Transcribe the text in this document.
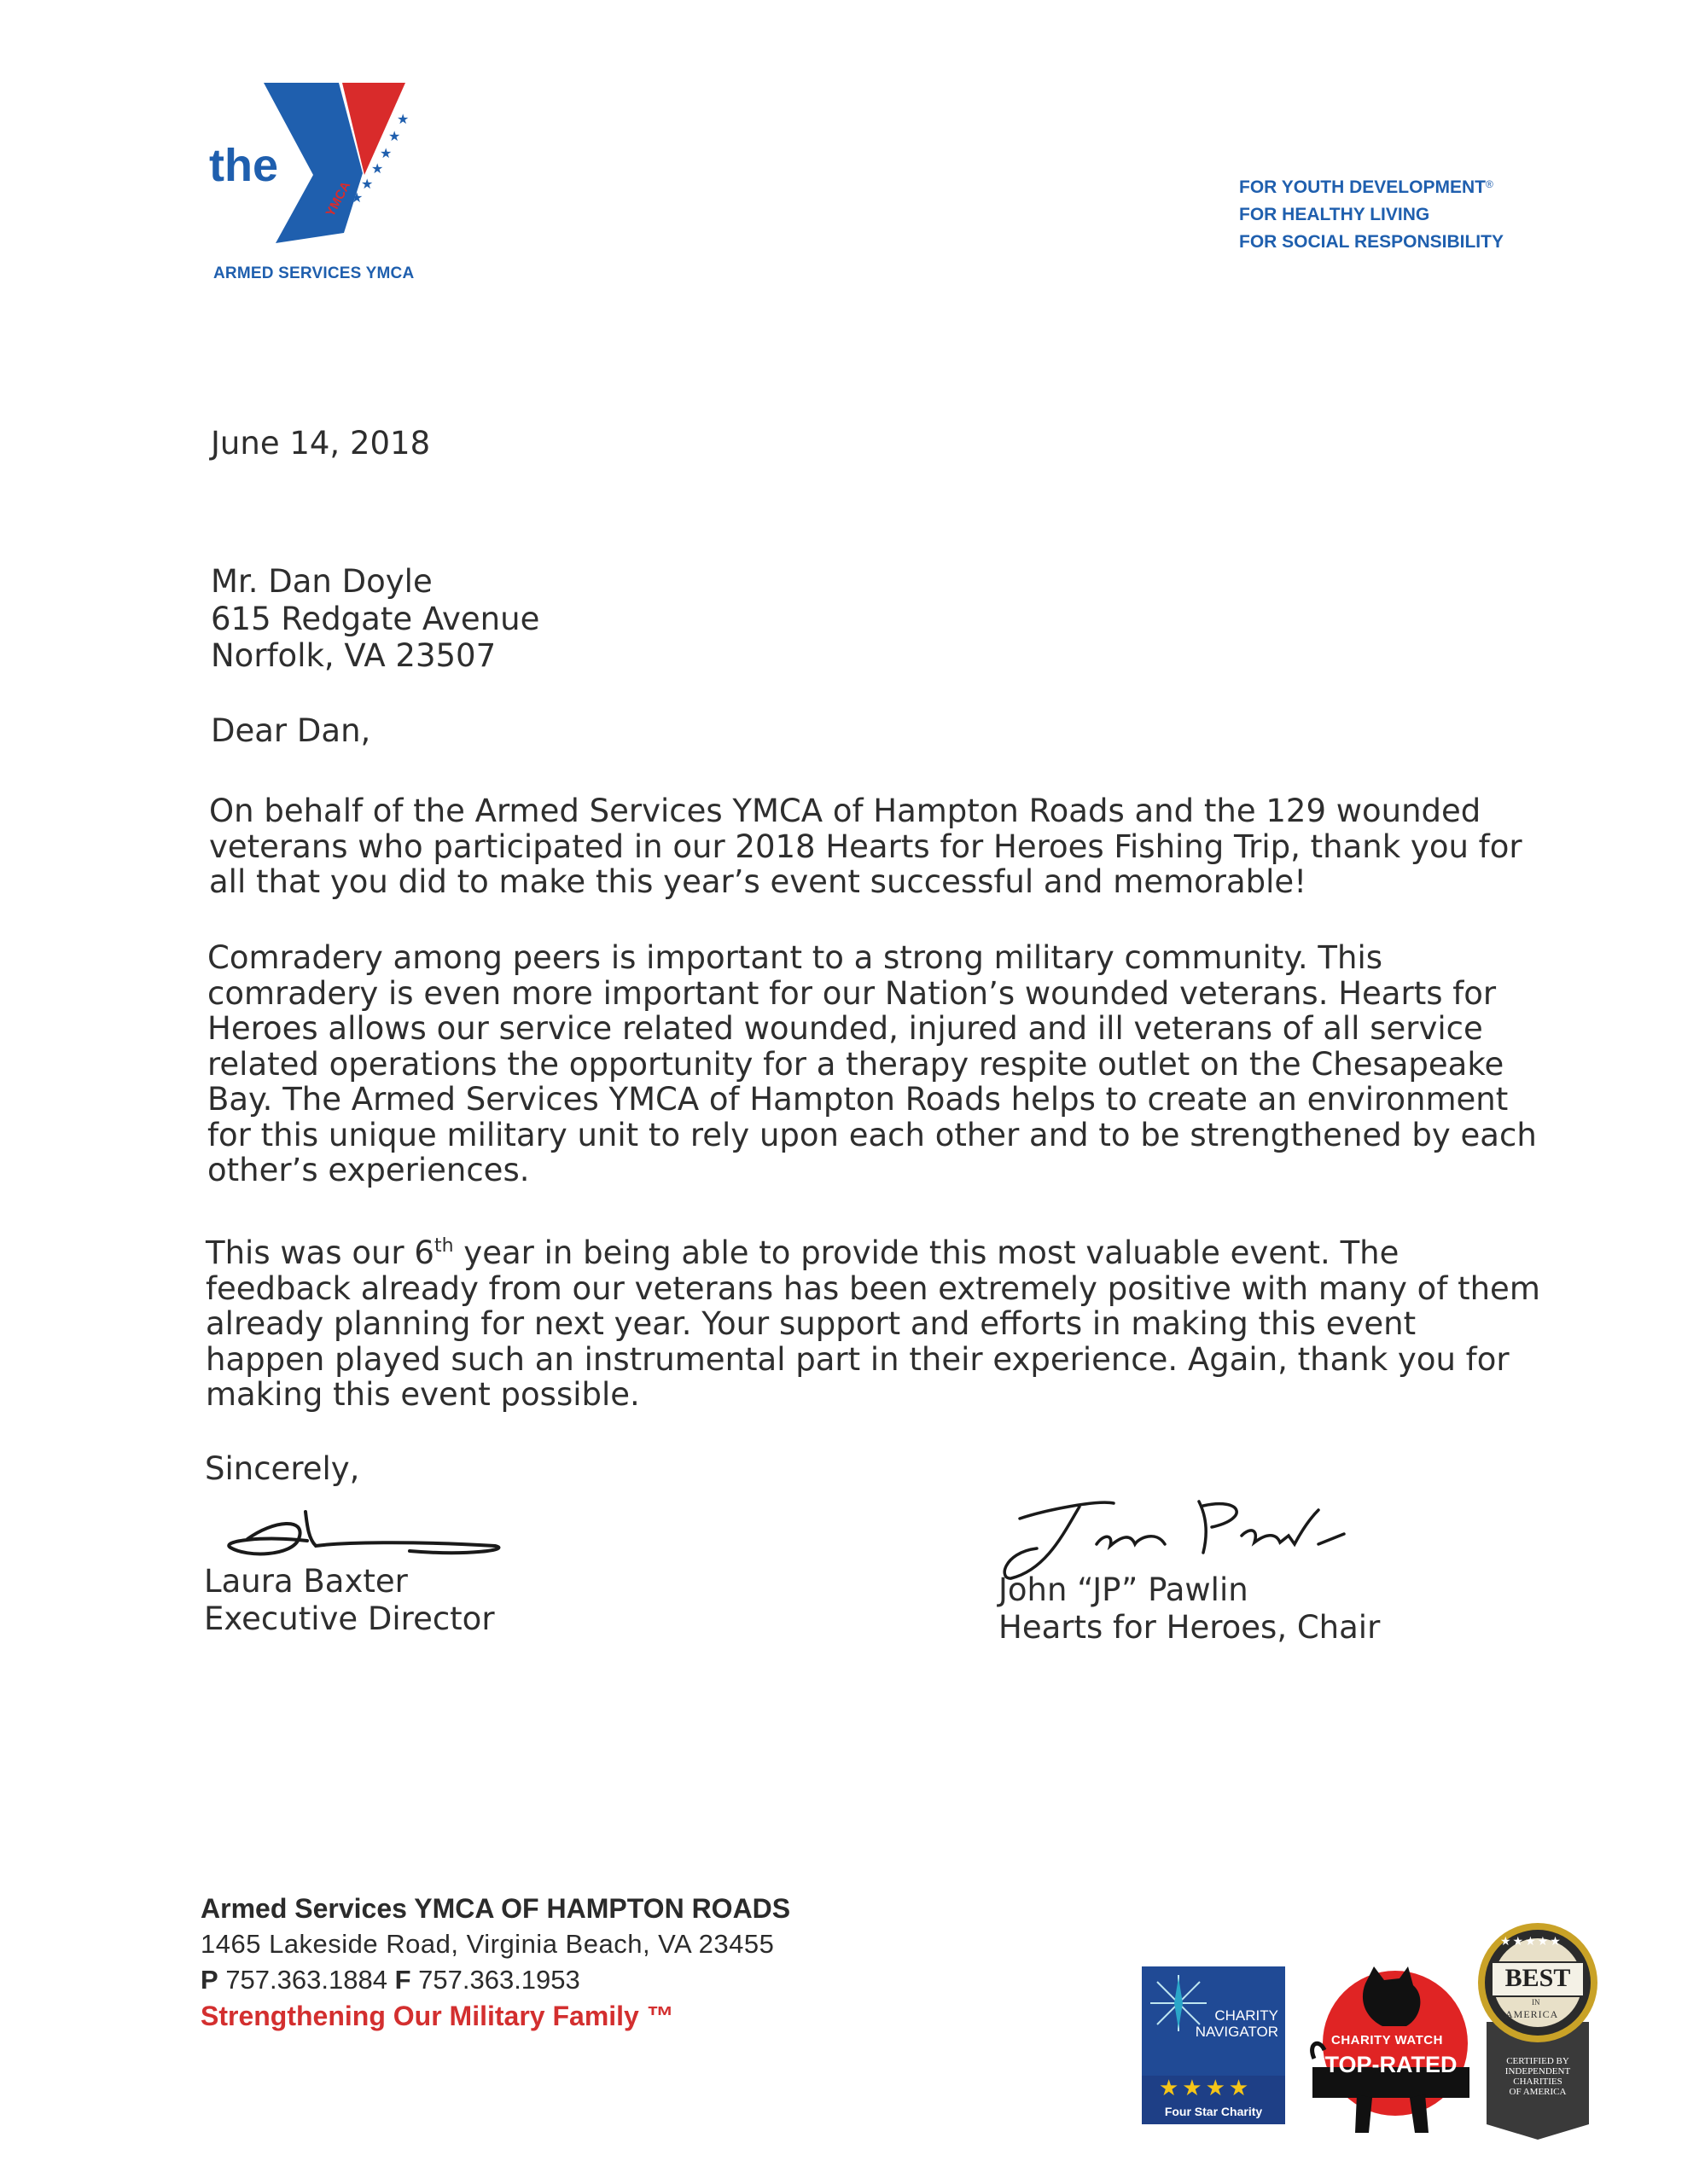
the
★
★
★
★
★
★
YMCA
ARMED SERVICES YMCA
FOR YOUTH DEVELOPMENT®
FOR HEALTHY LIVING
FOR SOCIAL RESPONSIBILITY
June 14, 2018
Mr. Dan Doyle
615 Redgate Avenue
Norfolk, VA 23507
Dear Dan,

On behalf of the Armed Services YMCA of Hampton Roads and the 129 wounded

veterans who participated in our 2018 Hearts for Heroes Fishing Trip, thank you for

all that you did to make this year’s event successful and memorable!

Comradery among peers is important to a strong military community. This

comradery is even more important for our Nation’s wounded veterans. Hearts for

Heroes allows our service related wounded, injured and ill veterans of all service

related operations the opportunity for a therapy respite outlet on the Chesapeake

Bay. The Armed Services YMCA of Hampton Roads helps to create an environment

for this unique military unit to rely upon each other and to be strengthened by each

other’s experiences.

This was our 6th year in being able to provide this most valuable event. The

feedback already from our veterans has been extremely positive with many of them

already planning for next year. Your support and efforts in making this event

happen played such an instrumental part in their experience. Again, thank you for

making this event possible.

Sincerely,
Laura Baxter
Executive Director
John “JP” Pawlin
Hearts for Heroes, Chair
Armed Services YMCA OF HAMPTON ROADS
1465 Lakeside Road, Virginia Beach, VA 23455
P 757.363.1884 F 757.363.1953
Strengthening Our Military Family ™	CHARITY
NAVIGATOR
★★★★
Four Star Charity
CHARITY WATCH
TOP-RATED
★★★★★
BEST
IN
AMERICA
CERTIFIED BY
INDEPENDENT
CHARITIES
OF AMERICA
